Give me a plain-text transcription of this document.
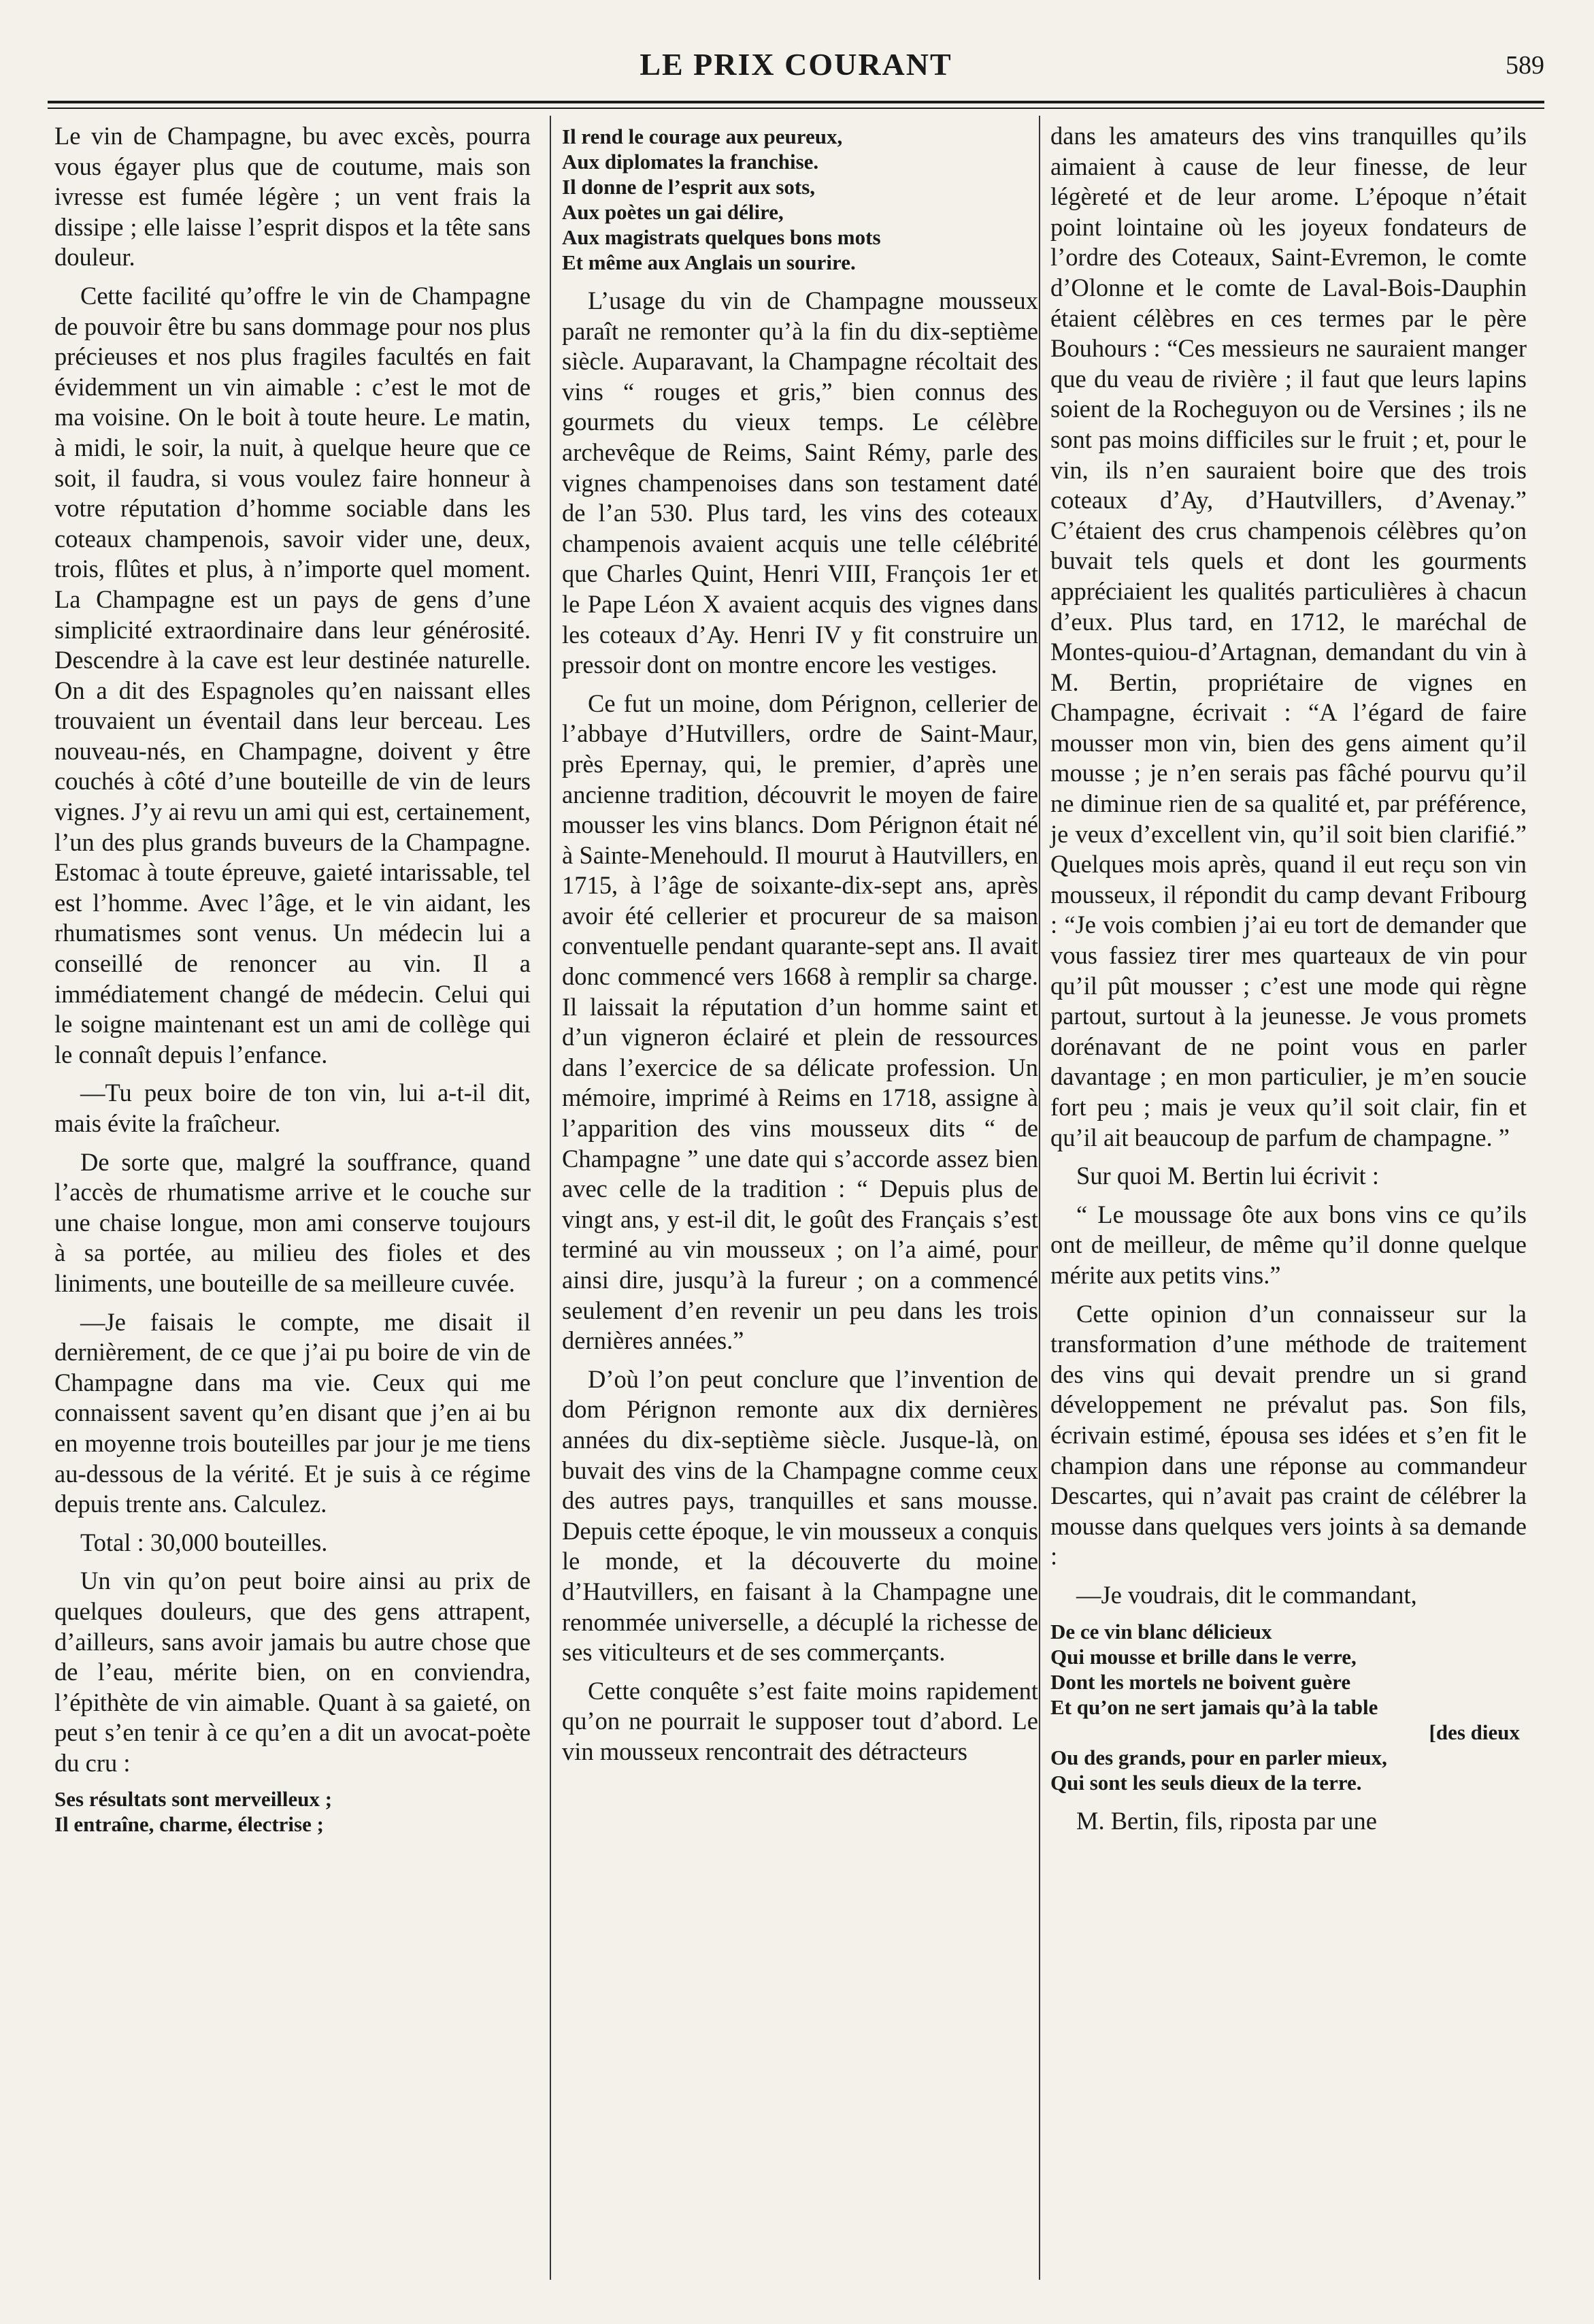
LE PRIX COURANT	589

Le vin de Champagne, bu avec excès, pourra vous égayer plus que de coutume, mais son ivresse est fumée légère ; un vent frais la dissipe ; elle laisse l’esprit dispos et la tête sans douleur.

Cette facilité qu’offre le vin de Champagne de pouvoir être bu sans dommage pour nos plus précieuses et nos plus fragiles facultés en fait évidemment un vin aimable : c’est le mot de ma voisine. On le boit à toute heure. Le matin, à midi, le soir, la nuit, à quelque heure que ce soit, il faudra, si vous voulez faire honneur à votre réputation d’homme sociable dans les coteaux champenois, savoir vider une, deux, trois, flûtes et plus, à n’importe quel moment. La Champagne est un pays de gens d’une simplicité extraordinaire dans leur générosité. Descendre à la cave est leur destinée naturelle. On a dit des Espagnoles qu’en naissant elles trouvaient un éventail dans leur berceau. Les nouveau-nés, en Champagne, doivent y être couchés à côté d’une bouteille de vin de leurs vignes. J’y ai revu un ami qui est, certainement, l’un des plus grands buveurs de la Champagne. Estomac à toute épreuve, gaieté intarissable, tel est l’homme. Avec l’âge, et le vin aidant, les rhumatismes sont venus. Un médecin lui a conseillé de renoncer au vin. Il a immédiatement changé de médecin. Celui qui le soigne maintenant est un ami de collège qui le connaît depuis l’enfance.

—Tu peux boire de ton vin, lui a-t-il dit, mais évite la fraîcheur.

De sorte que, malgré la souffrance, quand l’accès de rhumatisme arrive et le couche sur une chaise longue, mon ami conserve toujours à sa portée, au milieu des fioles et des liniments, une bouteille de sa meilleure cuvée.

—Je faisais le compte, me disait il dernièrement, de ce que j’ai pu boire de vin de Champagne dans ma vie. Ceux qui me connaissent savent qu’en disant que j’en ai bu en moyenne trois bouteilles par jour je me tiens au-dessous de la vérité. Et je suis à ce régime depuis trente ans. Calculez.

Total : 30,000 bouteilles.

Un vin qu’on peut boire ainsi au prix de quelques douleurs, que des gens attrapent, d’ailleurs, sans avoir jamais bu autre chose que de l’eau, mérite bien, on en conviendra, l’épithète de vin aimable. Quant à sa gaieté, on peut s’en tenir à ce qu’en a dit un avocat-poète du cru :

Ses résultats sont merveilleux ;
Il entraîne, charme, électrise ;
Il rend le courage aux peureux,
Aux diplomates la franchise.
Il donne de l’esprit aux sots,
Aux poètes un gai délire,
Aux magistrats quelques bons mots
Et même aux Anglais un sourire.

L’usage du vin de Champagne mousseux paraît ne remonter qu’à la fin du dix-septième siècle. Auparavant, la Champagne récoltait des vins “ rouges et gris,” bien connus des gourmets du vieux temps. Le célèbre archevêque de Reims, Saint Rémy, parle des vignes champenoises dans son testament daté de l’an 530. Plus tard, les vins des coteaux champenois avaient acquis une telle célébrité que Charles Quint, Henri VIII, François 1er et le Pape Léon X avaient acquis des vignes dans les coteaux d’Ay. Henri IV y fit construire un pressoir dont on montre encore les vestiges.

Ce fut un moine, dom Pérignon, cellerier de l’abbaye d’Hutvillers, ordre de Saint-Maur, près Epernay, qui, le premier, d’après une ancienne tradition, découvrit le moyen de faire mousser les vins blancs. Dom Pérignon était né à Sainte-Menehould. Il mourut à Hautvillers, en 1715, à l’âge de soixante-dix-sept ans, après avoir été cellerier et procureur de sa maison conventuelle pendant quarante-sept ans. Il avait donc commencé vers 1668 à remplir sa charge. Il laissait la réputation d’un homme saint et d’un vigneron éclairé et plein de ressources dans l’exercice de sa délicate profession. Un mémoire, imprimé à Reims en 1718, assigne à l’apparition des vins mousseux dits “ de Champagne ” une date qui s’accorde assez bien avec celle de la tradition : “ Depuis plus de vingt ans, y est-il dit, le goût des Français s’est terminé au vin mousseux ; on l’a aimé, pour ainsi dire, jusqu’à la fureur ; on a commencé seulement d’en revenir un peu dans les trois dernières années.”

D’où l’on peut conclure que l’invention de dom Pérignon remonte aux dix dernières années du dix-septième siècle. Jusque-là, on buvait des vins de la Champagne comme ceux des autres pays, tranquilles et sans mousse. Depuis cette époque, le vin mousseux a conquis le monde, et la découverte du moine d’Hautvillers, en faisant à la Champagne une renommée universelle, a décuplé la richesse de ses viticulteurs et de ses commerçants.

Cette conquête s’est faite moins rapidement qu’on ne pourrait le supposer tout d’abord. Le vin mousseux rencontrait des détracteurs

dans les amateurs des vins tranquilles qu’ils aimaient à cause de leur finesse, de leur légèreté et de leur arome. L’époque n’était point lointaine où les joyeux fondateurs de l’ordre des Coteaux, Saint-Evremon, le comte d’Olonne et le comte de Laval-Bois-Dauphin étaient célèbres en ces termes par le père Bouhours : “Ces messieurs ne sauraient manger que du veau de rivière ; il faut que leurs lapins soient de la Rocheguyon ou de Versines ; ils ne sont pas moins difficiles sur le fruit ; et, pour le vin, ils n’en sauraient boire que des trois coteaux d’Ay, d’Hautvillers, d’Avenay.” C’étaient des crus champenois célèbres qu’on buvait tels quels et dont les gourments appréciaient les qualités particulières à chacun d’eux. Plus tard, en 1712, le maréchal de Montes-quiou-d’Artagnan, demandant du vin à M. Bertin, propriétaire de vignes en Champagne, écrivait : “A l’égard de faire mousser mon vin, bien des gens aiment qu’il mousse ; je n’en serais pas fâché pourvu qu’il ne diminue rien de sa qualité et, par préférence, je veux d’excellent vin, qu’il soit bien clarifié.” Quelques mois après, quand il eut reçu son vin mousseux, il répondit du camp devant Fribourg : “Je vois combien j’ai eu tort de demander que vous fassiez tirer mes quarteaux de vin pour qu’il pût mousser ; c’est une mode qui règne partout, surtout à la jeunesse. Je vous promets dorénavant de ne point vous en parler davantage ; en mon particulier, je m’en soucie fort peu ; mais je veux qu’il soit clair, fin et qu’il ait beaucoup de parfum de champagne. ”

Sur quoi M. Bertin lui écrivit :

“ Le moussage ôte aux bons vins ce qu’ils ont de meilleur, de même qu’il donne quelque mérite aux petits vins.”

Cette opinion d’un connaisseur sur la transformation d’une méthode de traitement des vins qui devait prendre un si grand développement ne prévalut pas. Son fils, écrivain estimé, épousa ses idées et s’en fit le champion dans une réponse au commandeur Descartes, qui n’avait pas craint de célébrer la mousse dans quelques vers joints à sa demande :

—Je voudrais, dit le commandant,

De ce vin blanc délicieux
Qui mousse et brille dans le verre,
Dont les mortels ne boivent guère
Et qu’on ne sert jamais qu’à la table
[des dieux
Ou des grands, pour en parler mieux,
Qui sont les seuls dieux de la terre.

M. Bertin, fils, riposta par une
